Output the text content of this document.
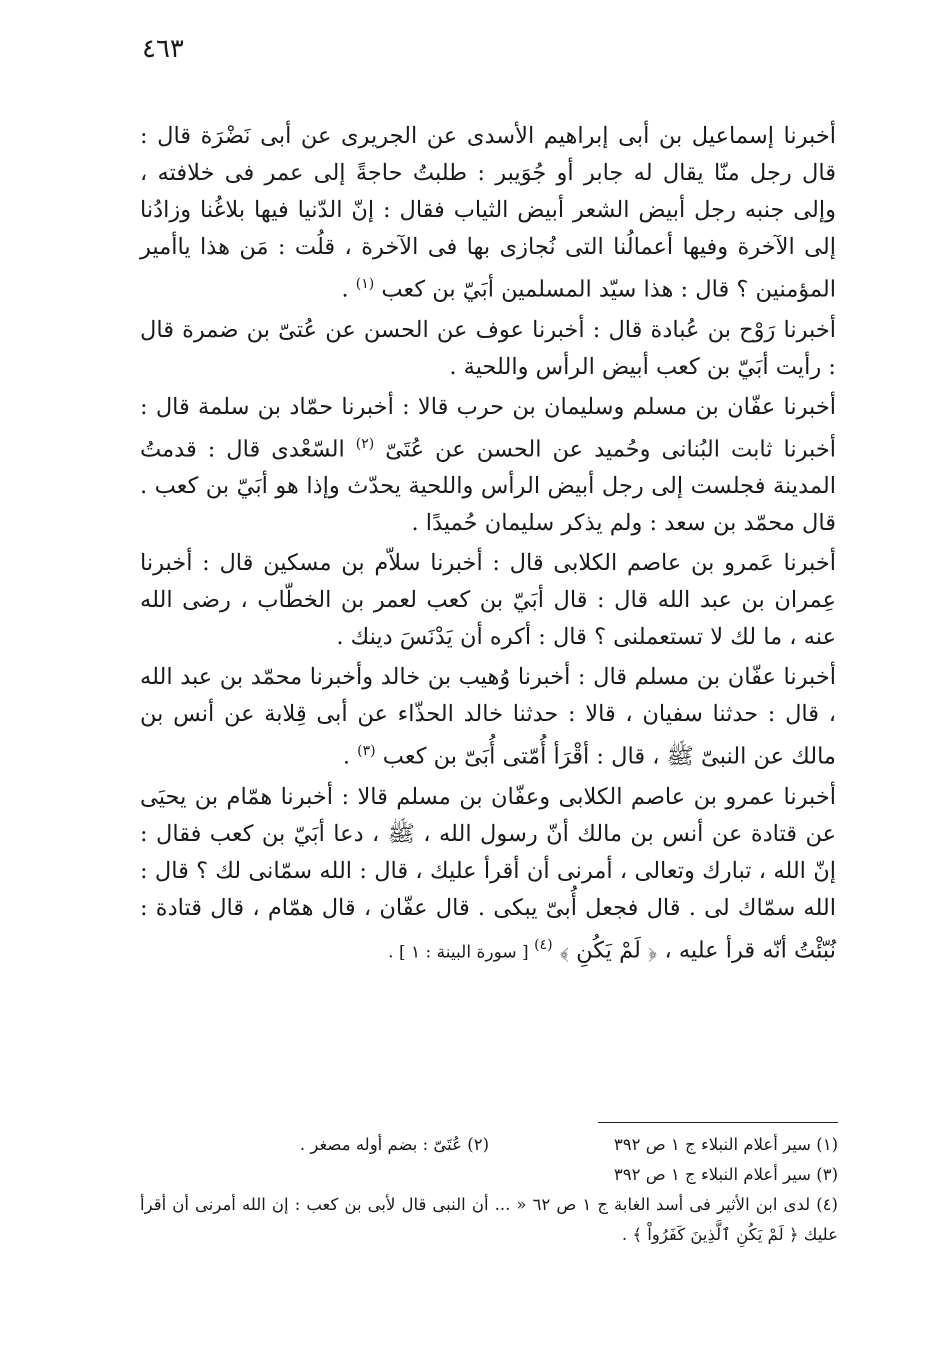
٤٦٣

أخبرنا إسماعيل بن أبى إبراهيم الأسدى عن الجريرى عن أبى نَضْرَة قال : قال رجل منّا يقال له جابر أو جُوَيبر : طلبتُ حاجةً إلى عمر فى خلافته ، وإلى جنبه رجل أبيض الشعر أبيض الثياب فقال : إنّ الدّنيا فيها بلاغُنا وزادُنا إلى الآخرة وفيها أعمالُنا التى نُجازى بها فى الآخرة ، قلُت : مَن هذا ياأمير المؤمنين ؟ قال : هذا سيّد المسلمين أبَيّ بن كعب $^{(١)}$ .

أخبرنا رَوْح بن عُبادة قال : أخبرنا عوف عن الحسن عن عُتىّ بن ضمرة قال : رأيت أبَيّ بن كعب أبيض الرأس واللحية .

أخبرنا عفّان بن مسلم وسليمان بن حرب قالا : أخبرنا حمّاد بن سلمة قال : أخبرنا ثابت البُنانى وحُميد عن الحسن عن عُتَىّ $^{(٢)}$ السّعْدى قال : قدمتُ المدينة فجلست إلى رجل أبيض الرأس واللحية يحدّث وإذا هو أبَيّ بن كعب . قال محمّد بن سعد : ولم يذكر سليمان حُميدًا .

أخبرنا عَمرو بن عاصم الكلابى قال : أخبرنا سلاّم بن مسكين قال : أخبرنا عِمران بن عبد الله قال : قال أبَيّ بن كعب لعمر بن الخطّاب ، رضى الله عنه ، ما لك لا تستعملنى ؟ قال : أكره أن يَدْنَسَ دينك .

أخبرنا عفّان بن مسلم قال : أخبرنا وُهيب بن خالد وأخبرنا محمّد بن عبد الله ، قال : حدثنا سفيان ، قالا : حدثنا خالد الحذّاء عن أبى قِلابة عن أنس بن مالك عن النبىّ ﷺ ، قال : أقْرَأ أُمّتى أُبَىّ بن كعب $^{(٣)}$ .

أخبرنا عمرو بن عاصم الكلابى وعفّان بن مسلم قالا : أخبرنا همّام بن يحيَى عن قتادة عن أنس بن مالك أنّ رسول الله ، ﷺ ، دعا أبَيّ بن كعب فقال : إنّ الله ، تبارك وتعالى ، أمرنى أن أقرأ عليك ، قال : الله سمّانى لك ؟ قال : الله سمّاك لى . قال فجعل أُبىّ يبكى . قال عفّان ، قال همّام ، قال قتادة : نُبّئْتُ أنّه قرأ عليه ، ﴿ لَمْ يَكُنِ ﴾ $^{(٤)}$ [ سورة البينة : ١ ] .

(١) سير أعلام النبلاء ج ١ ص ٣٩٢
(٢) عُتَىّ : بضم أوله مصغر .
(٣) سير أعلام النبلاء ج ١ ص ٣٩٢
(٤) لدى ابن الأثير فى أسد الغابة ج ١ ص ٦٢ « ... أن النبى قال لأبى بن كعب : إن الله أمرنى أن أقرأ عليك ﴿ لَمْ يَكُنِ ٱلَّذِينَ كَفَرُواْ ﴾ .
